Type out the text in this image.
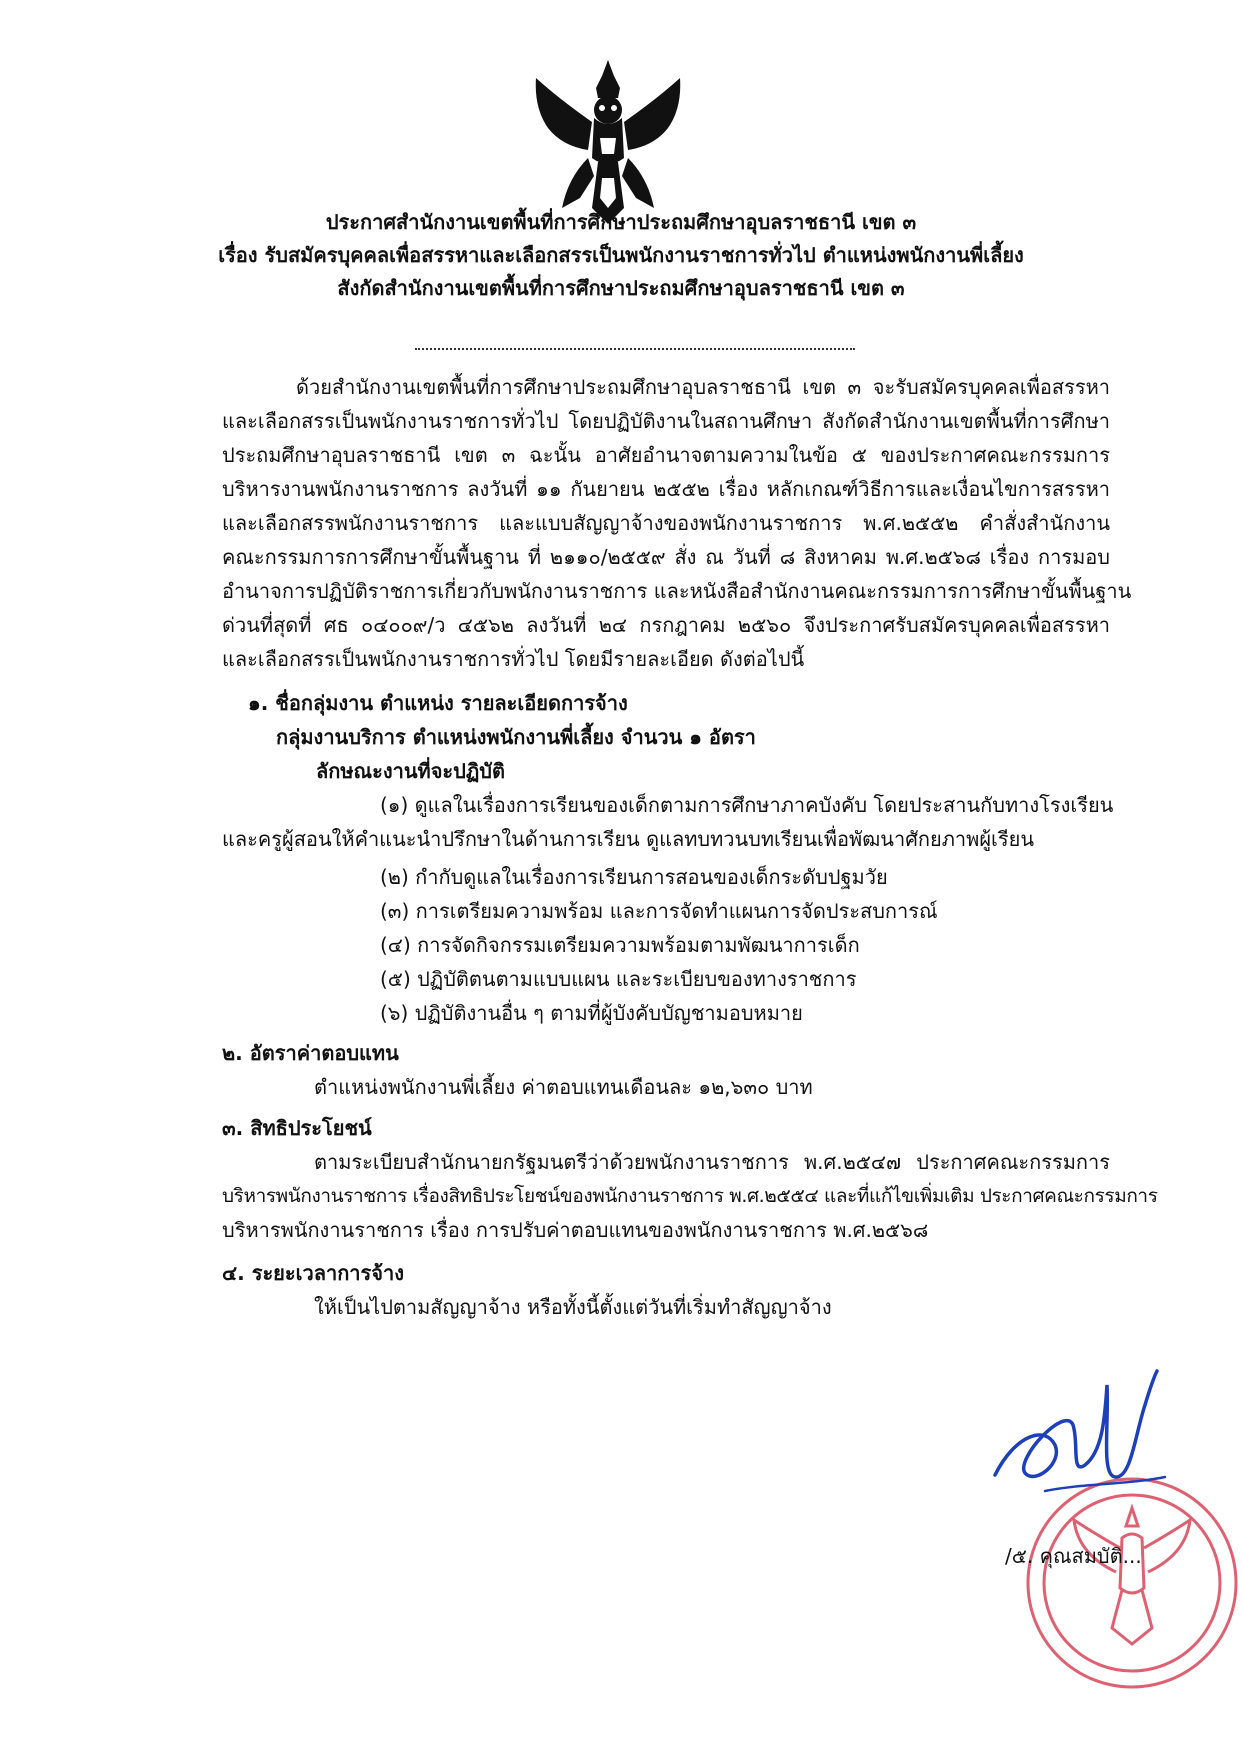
ประกาศสำนักงานเขตพื้นที่การศึกษาประถมศึกษาอุบลราชธานี เขต ๓
เรื่อง รับสมัครบุคคลเพื่อสรรหาและเลือกสรรเป็นพนักงานราชการทั่วไป ตำแหน่งพนักงานพี่เลี้ยง
สังกัดสำนักงานเขตพื้นที่การศึกษาประถมศึกษาอุบลราชธานี เขต ๓
ด้วยสำนักงานเขตพื้นที่การศึกษาประถมศึกษาอุบลราชธานี เขต ๓ จะรับสมัครบุคคลเพื่อสรรหา
และเลือกสรรเป็นพนักงานราชการทั่วไป โดยปฏิบัติงานในสถานศึกษา สังกัดสำนักงานเขตพื้นที่การศึกษา
ประถมศึกษาอุบลราชธานี เขต ๓ ฉะนั้น อาศัยอำนาจตามความในข้อ ๕ ของประกาศคณะกรรมการ
บริหารงานพนักงานราชการ ลงวันที่ ๑๑ กันยายน ๒๕๕๒ เรื่อง หลักเกณฑ์วิธีการและเงื่อนไขการสรรหา
และเลือกสรรพนักงานราชการ และแบบสัญญาจ้างของพนักงานราชการ พ.ศ.๒๕๕๒ คำสั่งสำนักงาน
คณะกรรมการการศึกษาขั้นพื้นฐาน ที่ ๒๑๑๐/๒๕๕๙ สั่ง ณ วันที่ ๘ สิงหาคม พ.ศ.๒๕๖๘ เรื่อง การมอบ
อำนาจการปฏิบัติราชการเกี่ยวกับพนักงานราชการ และหนังสือสำนักงานคณะกรรมการการศึกษาขั้นพื้นฐาน
ด่วนที่สุดที่ ศธ ๐๔๐๐๙/ว ๔๕๖๒ ลงวันที่ ๒๔ กรกฎาคม ๒๕๖๐ จึงประกาศรับสมัครบุคคลเพื่อสรรหา
และเลือกสรรเป็นพนักงานราชการทั่วไป โดยมีรายละเอียด ดังต่อไปนี้
๑. ชื่อกลุ่มงาน ตำแหน่ง รายละเอียดการจ้าง
กลุ่มงานบริการ ตำแหน่งพนักงานพี่เลี้ยง จำนวน ๑ อัตรา
ลักษณะงานที่จะปฏิบัติ
(๑) ดูแลในเรื่องการเรียนของเด็กตามการศึกษาภาคบังคับ โดยประสานกับทางโรงเรียน
และครูผู้สอนให้คำแนะนำปรึกษาในด้านการเรียน ดูแลทบทวนบทเรียนเพื่อพัฒนาศักยภาพผู้เรียน
(๒) กำกับดูแลในเรื่องการเรียนการสอนของเด็กระดับปฐมวัย
(๓) การเตรียมความพร้อม และการจัดทำแผนการจัดประสบการณ์
(๔) การจัดกิจกรรมเตรียมความพร้อมตามพัฒนาการเด็ก
(๕) ปฏิบัติตนตามแบบแผน และระเบียบของทางราชการ
(๖) ปฏิบัติงานอื่น ๆ ตามที่ผู้บังคับบัญชามอบหมาย
๒. อัตราค่าตอบแทน
ตำแหน่งพนักงานพี่เลี้ยง ค่าตอบแทนเดือนละ ๑๒,๖๓๐ บาท
๓. สิทธิประโยชน์
ตามระเบียบสำนักนายกรัฐมนตรีว่าด้วยพนักงานราชการ พ.ศ.๒๕๔๗ ประกาศคณะกรรมการ
บริหารพนักงานราชการ เรื่องสิทธิประโยชน์ของพนักงานราชการ พ.ศ.๒๕๕๔ และที่แก้ไขเพิ่มเติม ประกาศคณะกรรมการ
บริหารพนักงานราชการ เรื่อง การปรับค่าตอบแทนของพนักงานราชการ พ.ศ.๒๕๖๘
๔. ระยะเวลาการจ้าง
ให้เป็นไปตามสัญญาจ้าง หรือทั้งนี้ตั้งแต่วันที่เริ่มทำสัญญาจ้าง
/๕. คุณสมบัติ...
